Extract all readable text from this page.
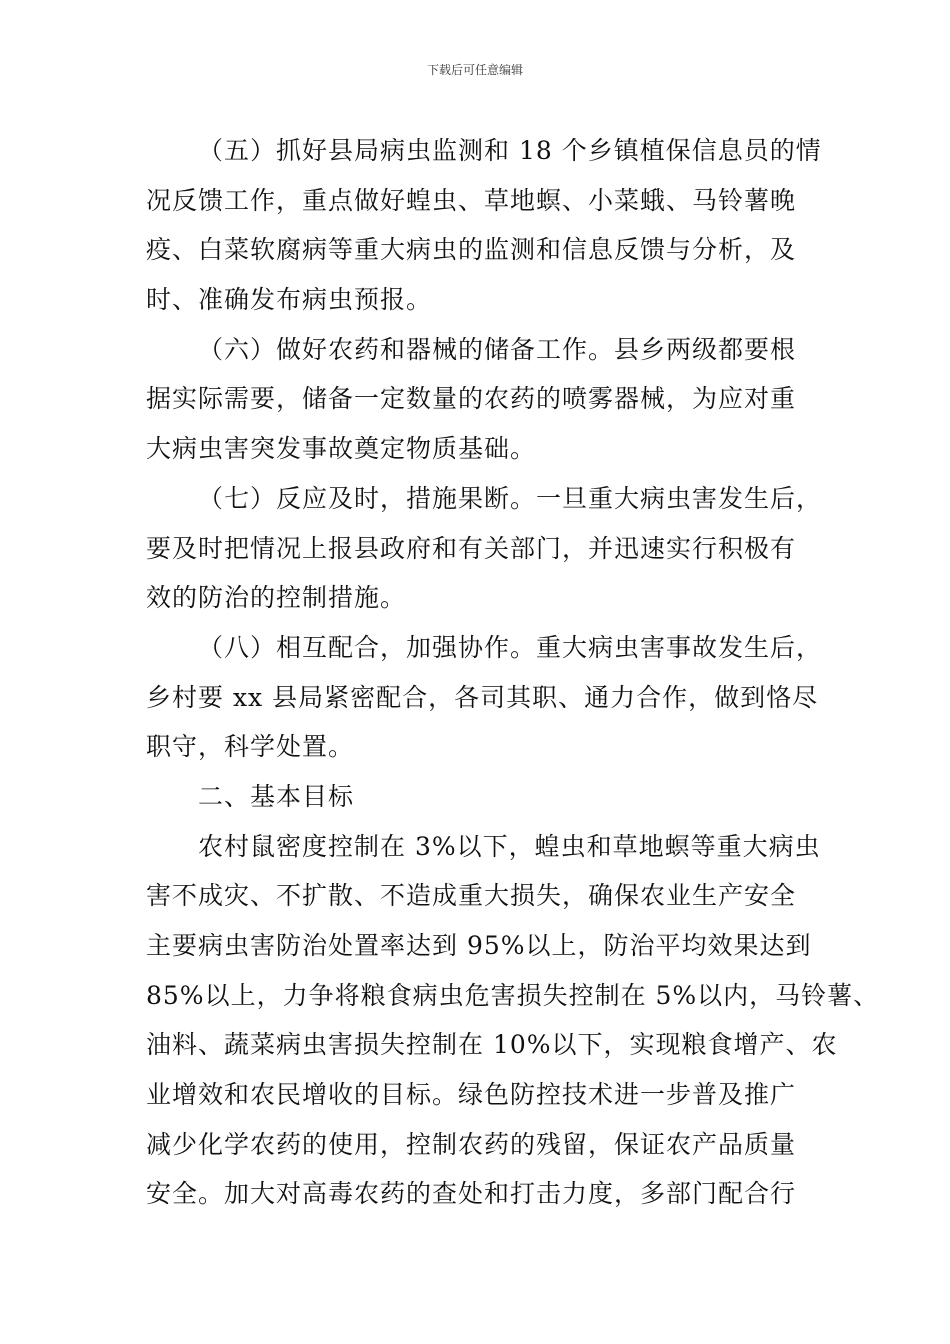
下载后可任意编辑
（五）抓好县局病虫监测和 18 个乡镇植保信息员的情
况反馈工作，重点做好蝗虫、草地螟、小菜蛾、马铃薯晚
疫、白菜软腐病等重大病虫的监测和信息反馈与分析，及
时、准确发布病虫预报。
（六）做好农药和器械的储备工作。县乡两级都要根
据实际需要，储备一定数量的农药的喷雾器械，为应对重
大病虫害突发事故奠定物质基础。
（七）反应及时，措施果断。一旦重大病虫害发生后，
要及时把情况上报县政府和有关部门，并迅速实行积极有
效的防治的控制措施。
（八）相互配合，加强协作。重大病虫害事故发生后，
乡村要 xx 县局紧密配合，各司其职、通力合作，做到恪尽
职守，科学处置。
二、基本目标
农村鼠密度控制在 3%以下，蝗虫和草地螟等重大病虫
害不成灾、不扩散、不造成重大损失，确保农业生产安全
主要病虫害防治处置率达到 95%以上，防治平均效果达到
85%以上，力争将粮食病虫危害损失控制在 5%以内，马铃薯、
油料、蔬菜病虫害损失控制在 10%以下，实现粮食增产、农
业增效和农民增收的目标。绿色防控技术进一步普及推广
减少化学农药的使用，控制农药的残留，保证农产品质量
安全。加大对高毒农药的查处和打击力度，多部门配合行
